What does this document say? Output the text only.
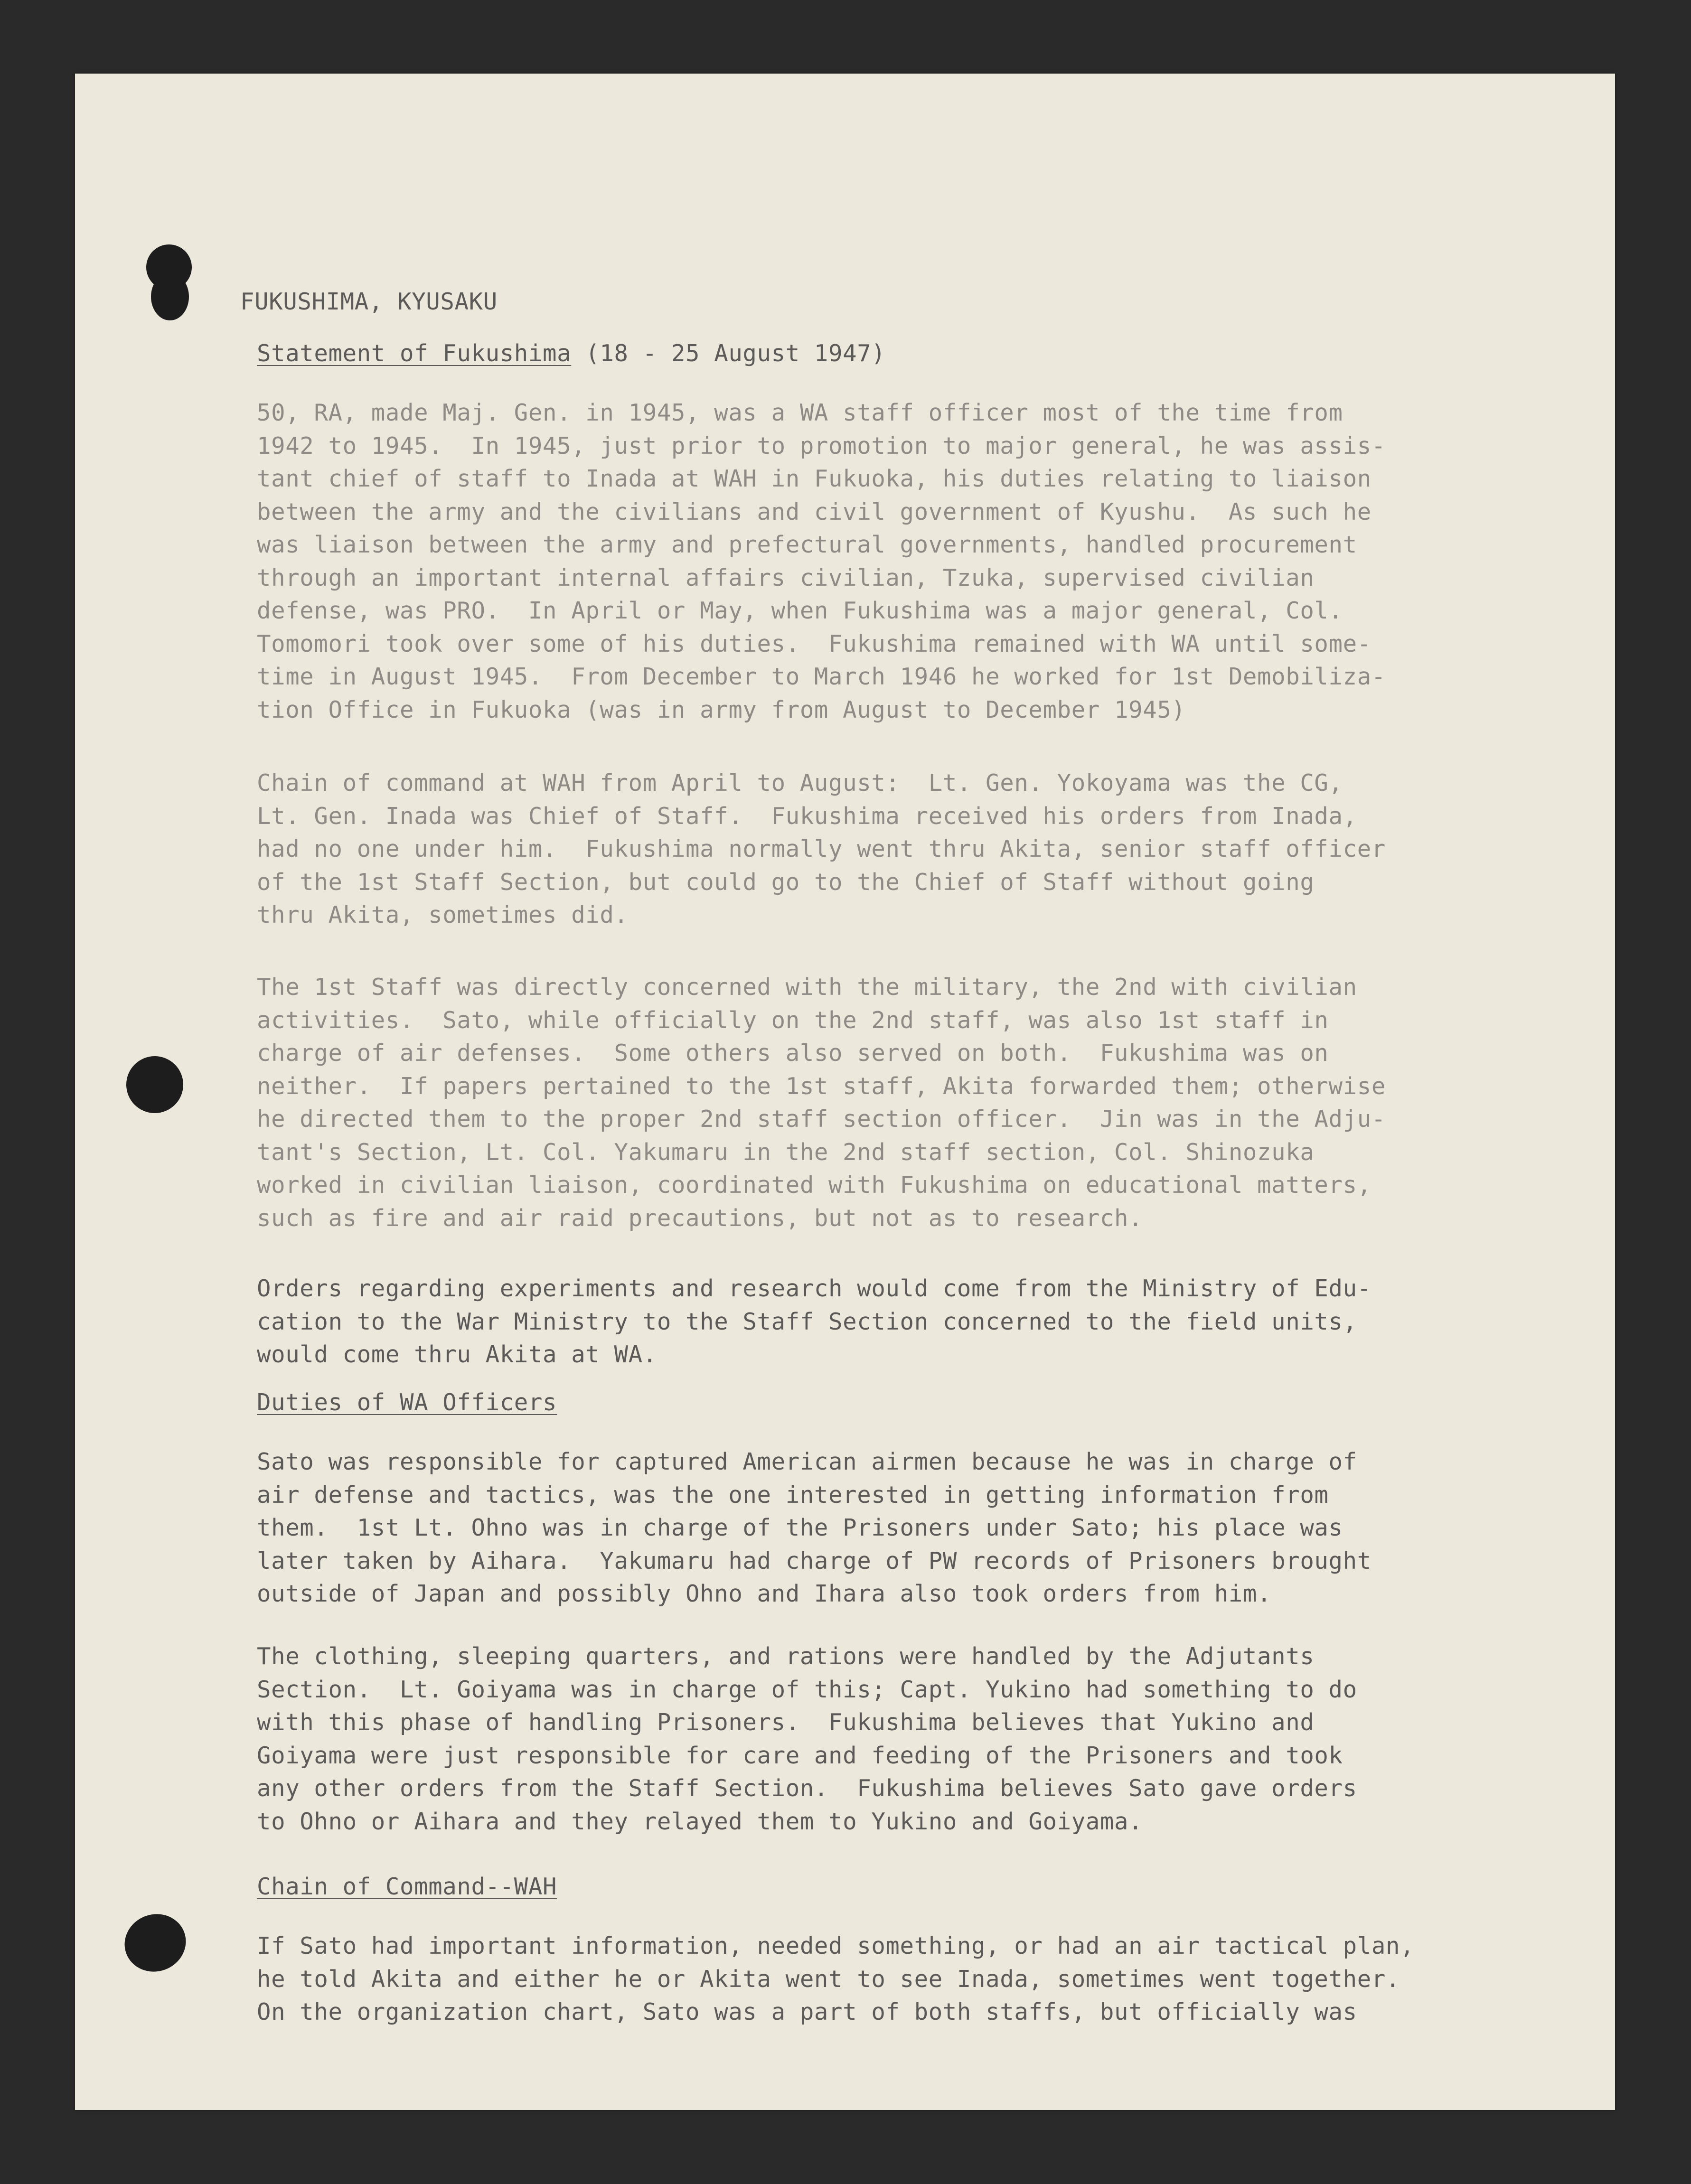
FUKUSHIMA, KYUSAKU
Statement of Fukushima (18 - 25 August 1947)

50, RA, made Maj. Gen. in 1945, was a WA staff officer most of the time from
1942 to 1945.  In 1945, just prior to promotion to major general, he was assis-
tant chief of staff to Inada at WAH in Fukuoka, his duties relating to liaison
between the army and the civilians and civil government of Kyushu.  As such he
was liaison between the army and prefectural governments, handled procurement
through an important internal affairs civilian, Tzuka, supervised civilian
defense, was PRO.  In April or May, when Fukushima was a major general, Col.
Tomomori took over some of his duties.  Fukushima remained with WA until some-
time in August 1945.  From December to March 1946 he worked for 1st Demobiliza-
tion Office in Fukuoka (was in army from August to December 1945)

Chain of command at WAH from April to August:  Lt. Gen. Yokoyama was the CG,
Lt. Gen. Inada was Chief of Staff.  Fukushima received his orders from Inada,
had no one under him.  Fukushima normally went thru Akita, senior staff officer
of the 1st Staff Section, but could go to the Chief of Staff without going
thru Akita, sometimes did.

The 1st Staff was directly concerned with the military, the 2nd with civilian
activities.  Sato, while officially on the 2nd staff, was also 1st staff in
charge of air defenses.  Some others also served on both.  Fukushima was on
neither.  If papers pertained to the 1st staff, Akita forwarded them; otherwise
he directed them to the proper 2nd staff section officer.  Jin was in the Adju-
tant's Section, Lt. Col. Yakumaru in the 2nd staff section, Col. Shinozuka
worked in civilian liaison, coordinated with Fukushima on educational matters,
such as fire and air raid precautions, but not as to research.

Orders regarding experiments and research would come from the Ministry of Edu-
cation to the War Ministry to the Staff Section concerned to the field units,
would come thru Akita at WA.

Duties of WA Officers

Sato was responsible for captured American airmen because he was in charge of
air defense and tactics, was the one interested in getting information from
them.  1st Lt. Ohno was in charge of the Prisoners under Sato; his place was
later taken by Aihara.  Yakumaru had charge of PW records of Prisoners brought
outside of Japan and possibly Ohno and Ihara also took orders from him.

The clothing, sleeping quarters, and rations were handled by the Adjutants
Section.  Lt. Goiyama was in charge of this; Capt. Yukino had something to do
with this phase of handling Prisoners.  Fukushima believes that Yukino and
Goiyama were just responsible for care and feeding of the Prisoners and took
any other orders from the Staff Section.  Fukushima believes Sato gave orders
to Ohno or Aihara and they relayed them to Yukino and Goiyama.

Chain of Command--WAH

If Sato had important information, needed something, or had an air tactical plan,
he told Akita and either he or Akita went to see Inada, sometimes went together.
On the organization chart, Sato was a part of both staffs, but officially was
